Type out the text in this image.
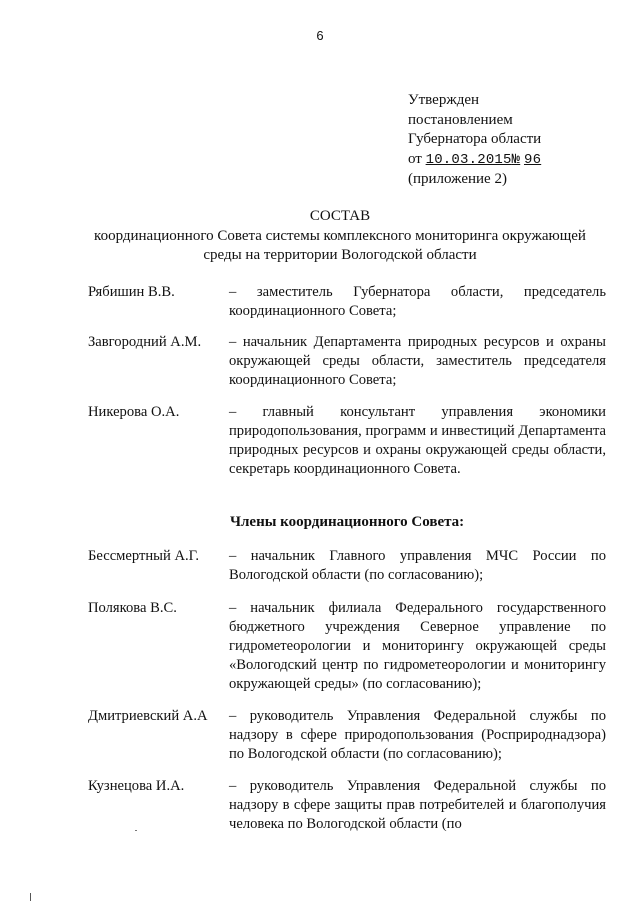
6
Утвержден
постановлением
Губернатора области
от 10.03.2015№ 96
(приложение 2)
СОСТАВ
координационного Совета системы комплексного мониторинга окружающей
среды на территории Вологодской области
Рябишин В.В.	– заместитель Губернатора области, председатель координационного Совета;
Завгородний А.М. – начальник Департамента природных ресурсов и охраны окружающей среды области, заместитель председателя координационного Совета;
Никерова О.А.	– главный консультант управления экономики природопользования, программ и инвестиций Департамента природных ресурсов и охраны окружающей среды области, секретарь координационного Совета.
Члены координационного Совета:
Бессмертный А.Г. – начальник Главного управления МЧС России по Вологодской области (по согласованию);
Полякова В.С.	– начальник филиала Федерального государственного бюджетного учреждения Северное управление по гидрометеорологии и мониторингу окружающей среды «Вологодский центр по гидрометеорологии и мониторингу окружающей среды» (по согласованию);
Дмитриевский А.А – руководитель Управления Федеральной службы по надзору в сфере природопользования (Росприроднадзора) по Вологодской области (по согласованию);
Кузнецова И.А.	– руководитель Управления Федеральной службы по надзору в сфере защиты прав потребителей и благополучия человека по Вологодской области (по
